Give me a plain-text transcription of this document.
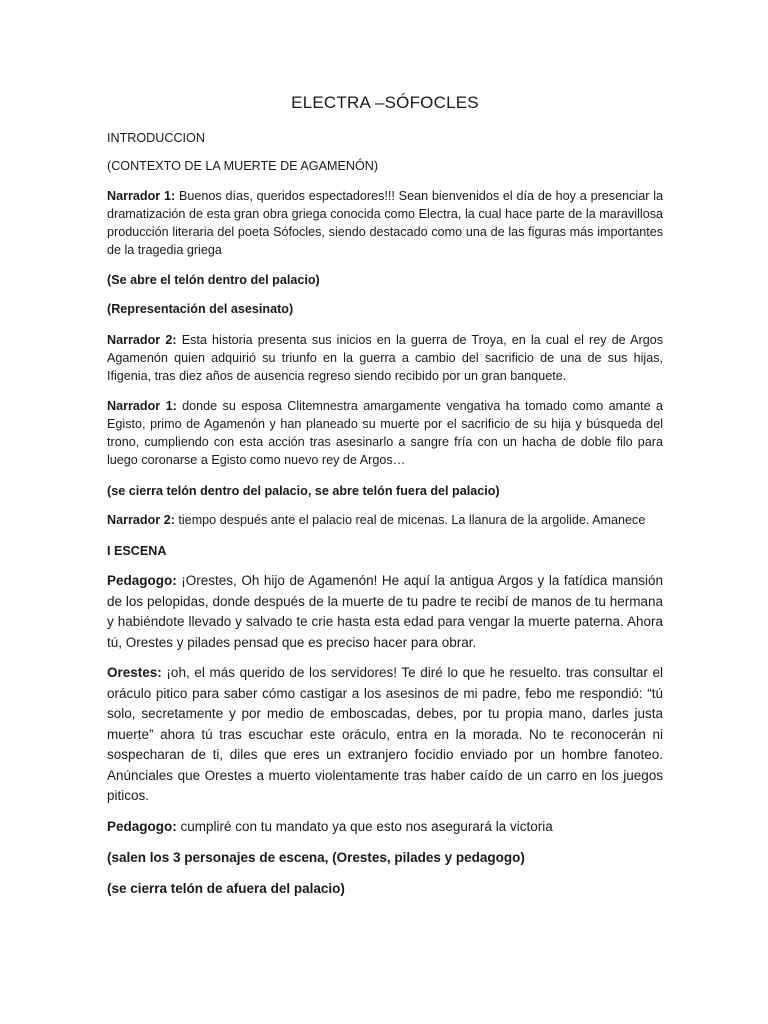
ELECTRA –SÓFOCLES

INTRODUCCION

(CONTEXTO DE LA MUERTE DE AGAMENÓN)

Narrador 1: Buenos días, queridos espectadores!!! Sean bienvenidos el día de hoy a presenciar la dramatización de esta gran obra griega conocida como Electra, la cual hace parte de la maravillosa producción literaria del poeta Sófocles, siendo destacado como una de las figuras más importantes de la tragedia griega

(Se abre el telón dentro del palacio)

(Representación del asesinato)

Narrador 2: Esta historia presenta sus inicios en la guerra de Troya, en la cual el rey de Argos Agamenón quien adquirió su triunfo en la guerra a cambio del sacrificio de una de sus hijas, Ifigenia, tras diez años de ausencia regreso siendo recibido por un gran banquete.

Narrador 1: donde su esposa Clitemnestra amargamente vengativa ha tomado como amante a Egisto, primo de Agamenón y han planeado su muerte por el sacrificio de su hija y búsqueda del trono, cumpliendo con esta acción tras asesinarlo a sangre fría con un hacha de doble filo para luego coronarse a Egisto como nuevo rey de Argos…

(se cierra telón dentro del palacio, se abre telón fuera del palacio)

Narrador 2: tiempo después ante el palacio real de micenas. La llanura de la argolide. Amanece

I ESCENA

Pedagogo: ¡Orestes, Oh hijo de Agamenón! He aquí la antigua Argos y la fatídica mansión de los pelopidas, donde después de la muerte de tu padre te recibí de manos de tu hermana y habiéndote llevado y salvado te crie hasta esta edad para vengar la muerte paterna. Ahora tú, Orestes y pilades pensad que es preciso hacer para obrar.

Orestes: ¡oh, el más querido de los servidores! Te diré lo que he resuelto. tras consultar el oráculo pitico para saber cómo castigar a los asesinos de mi padre, febo me respondió: “tú solo, secretamente y por medio de emboscadas, debes, por tu propia mano, darles justa muerte” ahora tú tras escuchar este oráculo, entra en la morada. No te reconocerán ni sospecharan de ti, diles que eres un extranjero focidio enviado por un hombre fanoteo. Anúnciales que Orestes a muerto violentamente tras haber caído de un carro en los juegos piticos.

Pedagogo: cumpliré con tu mandato ya que esto nos asegurará la victoria

(salen los 3 personajes de escena, (Orestes, pilades y pedagogo)

(se cierra telón de afuera del palacio)
